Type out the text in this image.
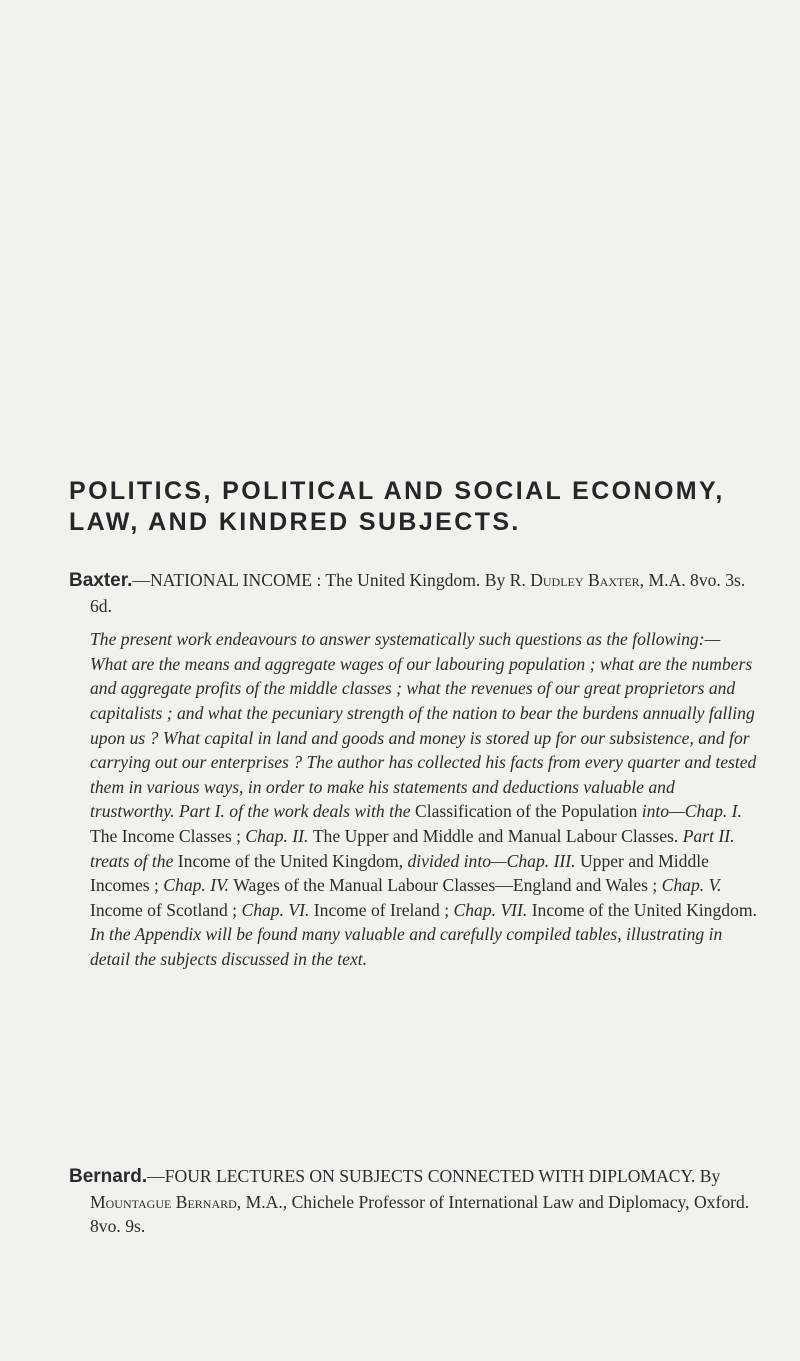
POLITICS, POLITICAL AND SOCIAL ECONOMY, LAW, AND KINDRED SUBJECTS.

Baxter.—NATIONAL INCOME : The United Kingdom. By R. Dudley Baxter, M.A. 8vo. 3s. 6d.

The present work endeavours to answer systematically such questions as the following:— What are the means and aggregate wages of our labouring population ; what are the numbers and aggregate profits of the middle classes ; what the revenues of our great proprietors and capitalists ; and what the pecuniary strength of the nation to bear the burdens annually falling upon us ? What capital in land and goods and money is stored up for our subsistence, and for carrying out our enterprises ? The author has collected his facts from every quarter and tested them in various ways, in order to make his statements and deductions valuable and trustworthy. Part I. of the work deals with the Classification of the Population into—Chap. I. The Income Classes ; Chap. II. The Upper and Middle and Manual Labour Classes. Part II. treats of the Income of the United Kingdom, divided into—Chap. III. Upper and Middle Incomes ; Chap. IV. Wages of the Manual Labour Classes—England and Wales ; Chap. V. Income of Scotland ; Chap. VI. Income of Ireland ; Chap. VII. Income of the United Kingdom. In the Appendix will be found many valuable and carefully compiled tables, illustrating in detail the subjects discussed in the text.

Bernard.—FOUR LECTURES ON SUBJECTS CONNECTED WITH DIPLOMACY. By Mountague Bernard, M.A., Chichele Professor of International Law and Diplomacy, Oxford. 8vo. 9s.
